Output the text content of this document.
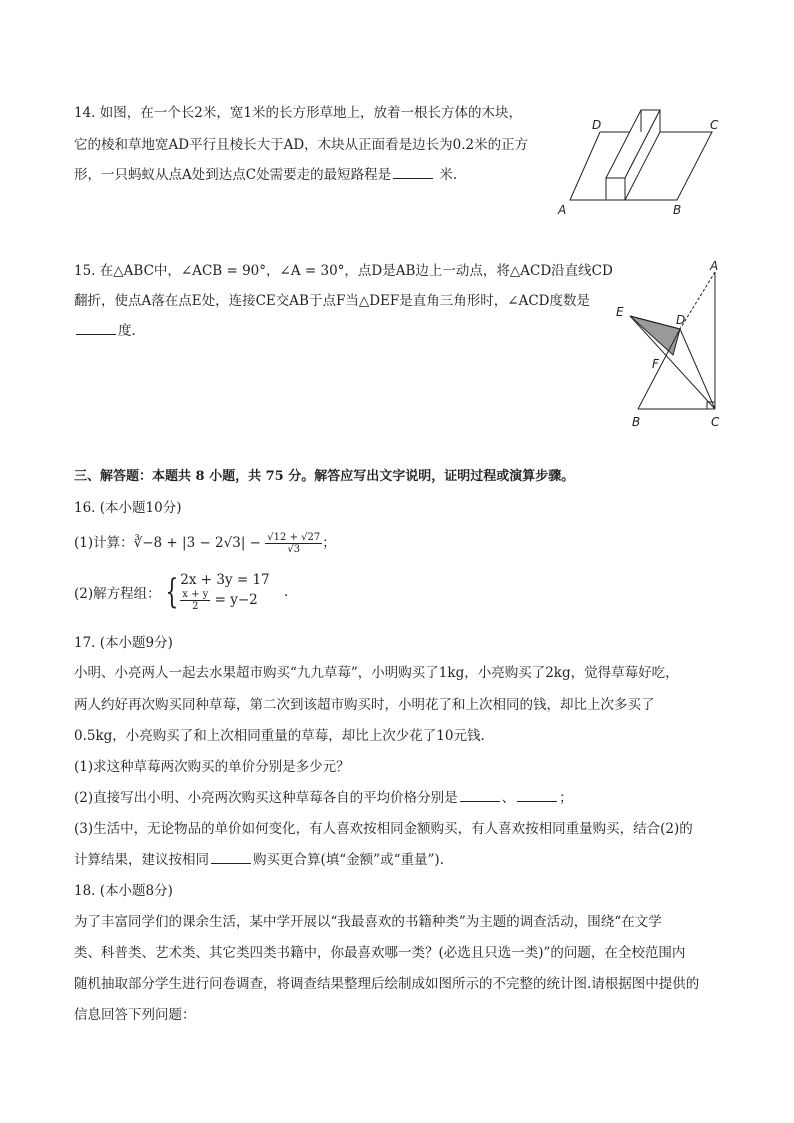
14. 如图，在一个长2米，宽1米的长方形草地上，放着一根长方体的木块，
它的棱和草地宽AD平行且棱长大于AD，木块从正面看是边长为0.2米的正方
形，一只蚂蚁从点A处到达点C处需要走的最短路程是	米.
D	C
A	B
15. 在△ABC中，∠ACB = 90°，∠A = 30°，点D是AB边上一动点，将△ACD沿直线CD
翻折，使点A落在点E处，连接CE交AB于点F当△DEF是直角三角形时，∠ACD度数是
度.
A
E
D
F
B	C
三、解答题：本题共 8 小题，共 75 分。解答应写出文字说明，证明过程或演算步骤。
16. (本小题10分)
(1)计算：∛−8 + $|3 - 2√3| - \frac{√12 + √27}{√3}$ ；
(2)解方程组： { 2x + 3y = 17
$\frac{x + y}{2} = y-2$	.
17. (本小题9分)
小明、小亮两人一起去水果超市购买“九九草莓”，小明购买了1kg，小亮购买了2kg，觉得草莓好吃，
两人约好再次购买同种草莓，第二次到该超市购买时，小明花了和上次相同的钱，却比上次多买了
0.5kg，小亮购买了和上次相同重量的草莓，却比上次少花了10元钱.
(1)求这种草莓两次购买的单价分别是多少元？
(2)直接写出小明、小亮两次购买这种草莓各自的平均价格分别是	、	；
(3)生活中，无论物品的单价如何变化，有人喜欢按相同金额购买，有人喜欢按相同重量购买，结合(2)的
计算结果，建议按相同	购买更合算(填“金额”或“重量”).
18. (本小题8分)
为了丰富同学们的课余生活，某中学开展以“我最喜欢的书籍种类”为主题的调查活动，围绕“在文学
类、科普类、艺术类、其它类四类书籍中，你最喜欢哪一类？(必选且只选一类)”的问题，在全校范围内
随机抽取部分学生进行问卷调查，将调查结果整理后绘制成如图所示的不完整的统计图.请根据图中提供的
信息回答下列问题：
